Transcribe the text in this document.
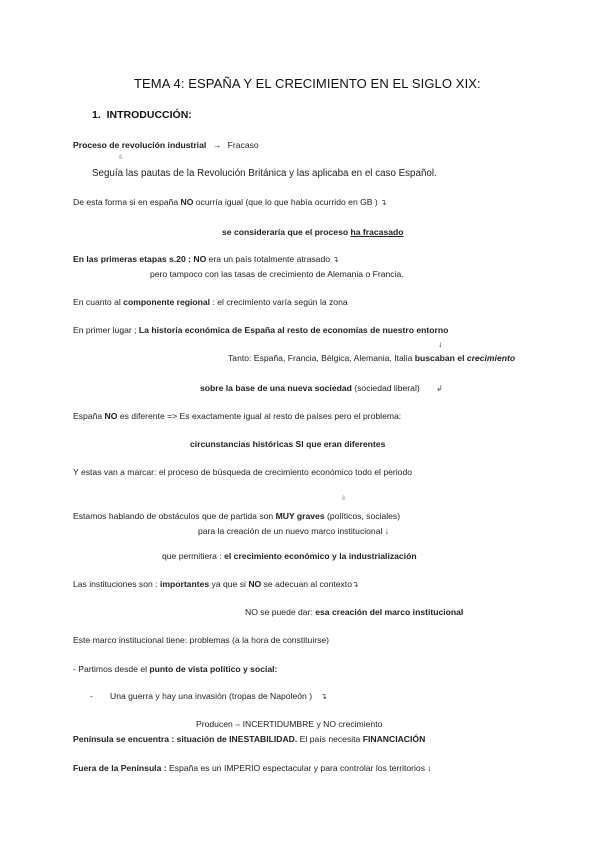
TEMA 4: ESPAÑA Y EL CRECIMIENTO EN EL SIGLO XIX:
1. INTRODUCCIÓN:
Proceso de revolución industrial → Fracaso
⇩
Seguía las pautas de la Revolución Británica y las aplicaba en el caso Español.
De esta forma si en españa NO ocurría igual (que lo que había ocurrido en GB ) ↴
se consideraría que el proceso ha fracasado
En las primeras etapas s.20 : NO era un país totalmente atrasado ↴
pero tampoco con las tasas de crecimiento de Alemania o Francia.
En cuanto al componente regional : el crecimiento varía según la zona
En primer lugar ; La historia económica de España al resto de economías de nuestro entorno
↓
Tanto: España, Francia, Bélgica, Alemania, Italia buscaban el crecimiento
sobre la base de una nueva sociedad (sociedad liberal) ↲
España NO es diferente => Es exactamente igual al resto de países pero el problema:
circunstancias históricas SI que eran diferentes
Y estas van a marcar: el proceso de búsqueda de crecimiento económico todo el periodo
⇩
Estamos hablando de obstáculos que de partida son MUY graves (políticos, sociales)
para la creación de un nuevo marco institucional ↓
que permitiera : el crecimiento económico y la industrialización
Las instituciones son : importantes ya que si NO se adecuan al contexto↴
NO se puede dar: esa creación del marco institucional
Este marco institucional tiene: problemas (a la hora de constituirse)
- Partimos desde el punto de vista político y social:
- Una guerra y hay una invasión (tropas de Napoleón ) ↴
Producen ⇨ INCERTIDUMBRE y NO crecimiento
Península se encuentra : situación de INESTABILIDAD. El país necesita FINANCIACIÓN
Fuera de la Península : España es un IMPERIO espectacular y para controlar los territorios ↓
